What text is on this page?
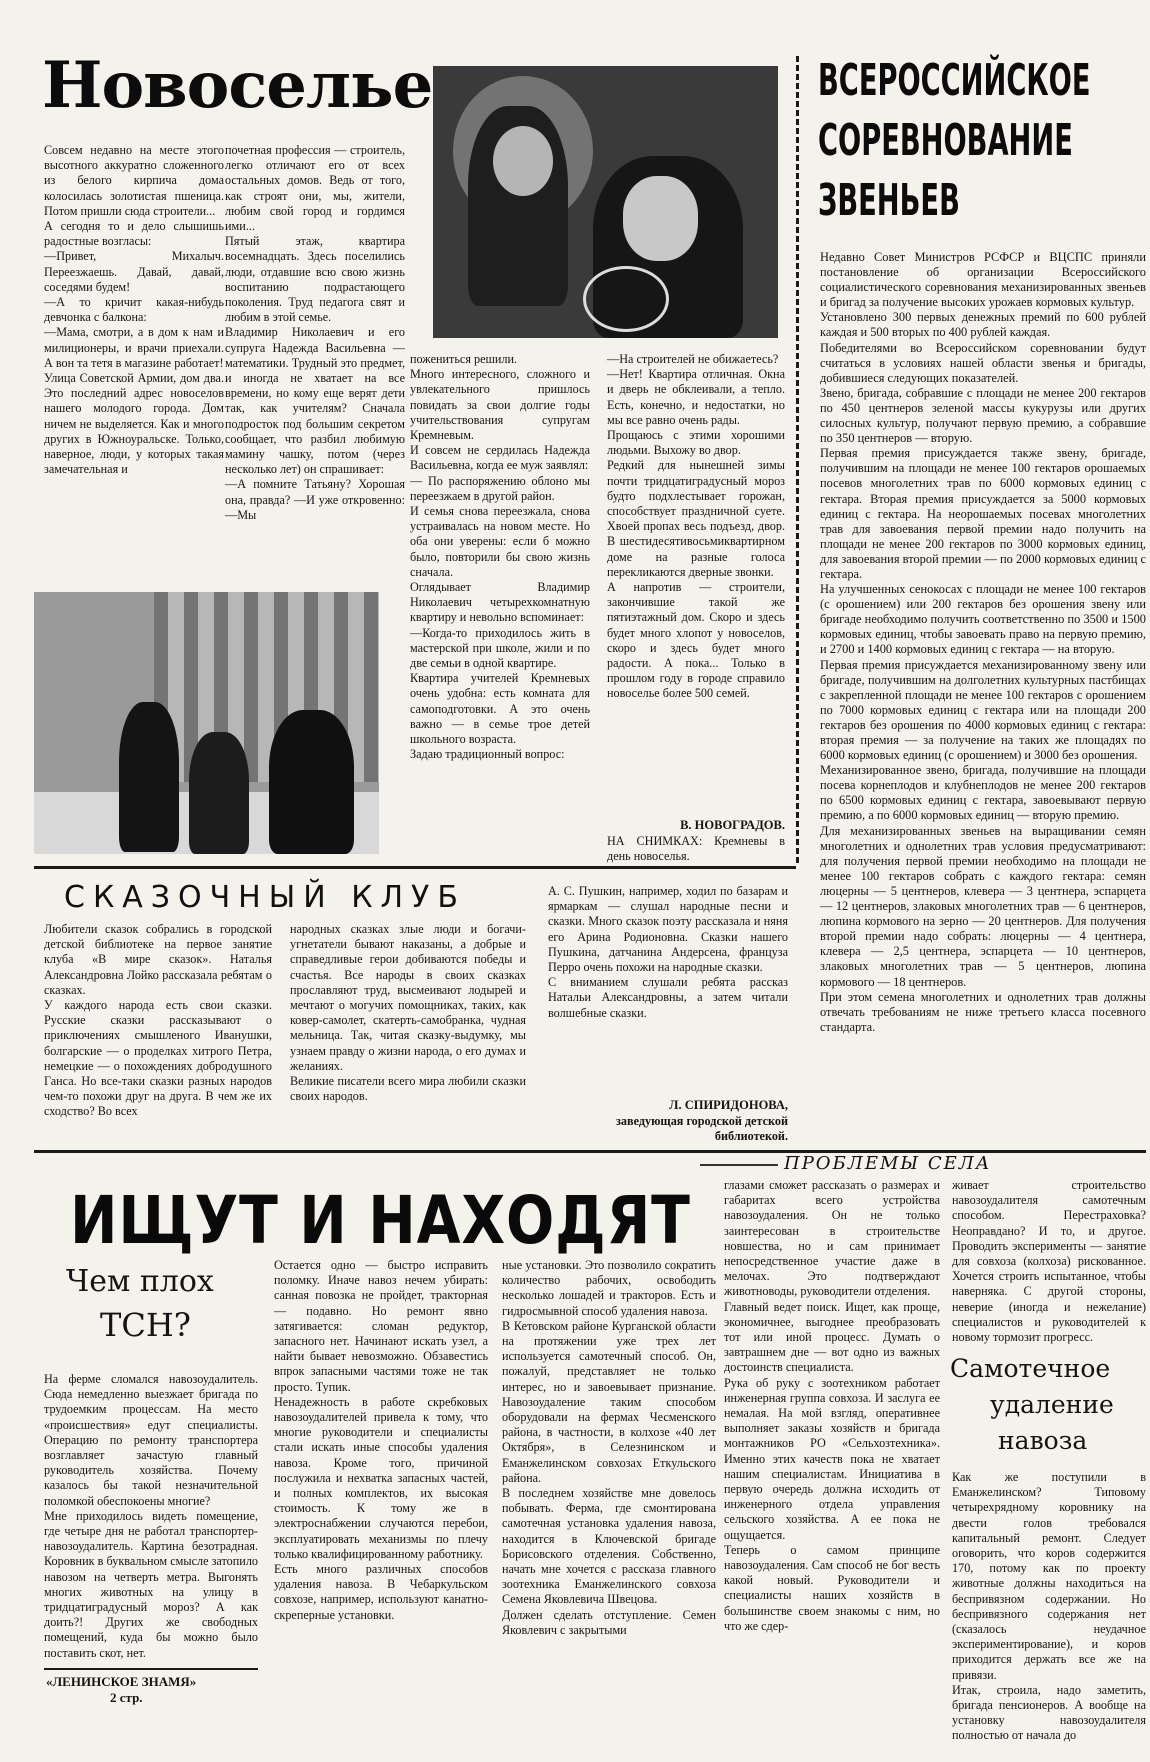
Новоселье
Совсем недавно на месте этого высотного аккуратно сложенного из белого кирпича дома колосилась золотистая пшеница. Потом пришли сюда строители...
А сегодня то и дело слышишь радостные возгласы:
—Привет, Михалыч. Переезжаешь. Давай, давай, соседями будем!
—А то кричит какая-нибудь девчонка с балкона:
—Мама, смотри, а в дом к нам и милиционеры, и врачи приехали. А вон та тетя в магазине работает!
Улица Советской Армии, дом два. Это последний адрес новоселов нашего молодого города. Дом ничем не выделяется. Как и много других в Южноуральске. Только, наверное, люди, у которых такая замечательная и
почетная профессия — строитель, легко отличают его от всех остальных домов. Ведь от того, как строят они, мы, жители, любим свой город и гордимся ими...
Пятый этаж, квартира восемнадцать. Здесь поселились люди, отдавшие всю свою жизнь воспитанию подрастающего поколения. Труд педагога свят и любим в этой семье.
Владимир Николаевич и его супруга Надежда Васильевна — математики. Трудный это предмет, и иногда не хватает на все времени, но кому еще верят дети так, как учителям? Сначала подросток под большим секретом сообщает, что разбил любимую мамину чашку, потом (через несколько лет) он спрашивает:
—А помните Татьяну? Хорошая она, правда? —И уже откровенно: —Мы
пожениться решили.
Много интересного, сложного и увлекательного пришлось повидать за свои долгие годы учительствования супругам Кремневым.
И совсем не сердилась Надежда Васильевна, когда ее муж заявлял:
— По распоряжению облоно мы переезжаем в другой район.
И семья снова переезжала, снова устраивалась на новом месте. Но оба они уверены: если б можно было, повторили бы свою жизнь сначала.
Оглядывает Владимир Николаевич четырехкомнатную квартиру и невольно вспоминает:
—Когда-то приходилось жить в мастерской при школе, жили и по две семьи в одной квартире.
Квартира учителей Кремневых очень удобна: есть комната для самоподготовки. А это очень важно — в семье трое детей школьного возраста.
Задаю традиционный вопрос:
—На строителей не обижаетесь?
—Нет! Квартира отличная. Окна и дверь не обклеивали, а тепло. Есть, конечно, и недостатки, но мы все равно очень рады.
Прощаюсь с этими хорошими людьми. Выхожу во двор.
Редкий для нынешней зимы почти тридцатиградусный мороз будто подхлестывает горожан, способствует праздничной суете. Хвоей пропах весь подъезд, двор. В шестидесятивосьмиквартирном доме на разные голоса перекликаются дверные звонки.
А напротив — строители, закончившие такой же пятиэтажный дом. Скоро и здесь будет много хлопот у новоселов, скоро и здесь будет много радости. А пока... Только в прошлом году в городе справило новоселье более 500 семей.
В. НОВОГРАДОВ.
НА СНИМКАХ: Кремневы в день новоселья.
ВСЕРОССИЙСКОЕ
СОРЕВНОВАНИЕ
ЗВЕНЬЕВ
Недавно Совет Министров РСФСР и ВЦСПС приняли постановление об организации Всероссийского социалистического соревнования механизированных звеньев и бригад за получение высоких урожаев кормовых культур.
Установлено 300 первых денежных премий по 600 рублей каждая и 500 вторых по 400 рублей каждая.
Победителями во Всероссийском соревновании будут считаться в условиях нашей области звенья и бригады, добившиеся следующих показателей.
Звено, бригада, собравшие с площади не менее 200 гектаров по 450 центнеров зеленой массы кукурузы или других силосных культур, получают первую премию, а собравшие по 350 центнеров — вторую.
Первая премия присуждается также звену, бригаде, получившим на площади не менее 100 гектаров орошаемых посевов многолетних трав по 6000 кормовых единиц с гектара. Вторая премия присуждается за 5000 кормовых единиц с гектара. На неорошаемых посевах многолетних трав для завоевания первой премии надо получить на площади не менее 200 гектаров по 3000 кормовых единиц, для завоевания второй премии — по 2000 кормовых единиц с гектара.
На улучшенных сенокосах с площади не менее 100 гектаров (с орошением) или 200 гектаров без орошения звену или бригаде необходимо получить соответственно по 3500 и 1500 кормовых единиц, чтобы завоевать право на первую премию, и 2700 и 1400 кормовых единиц с гектара — на вторую.
Первая премия присуждается механизированному звену или бригаде, получившим на долголетних культурных пастбищах с закрепленной площади не менее 100 гектаров с орошением по 7000 кормовых единиц с гектара или на площади 200 гектаров без орошения по 4000 кормовых единиц с гектара: вторая премия — за получение на таких же площадях по 6000 кормовых единиц (с орошением) и 3000 без орошения.
Механизированное звено, бригада, получившие на площади посева корнеплодов и клубнеплодов не менее 200 гектаров по 6500 кормовых единиц с гектара, завоевывают первую премию, а по 6000 кормовых единиц — вторую премию.
Для механизированных звеньев на выращивании семян многолетних и однолетних трав условия предусматривают: для получения первой премии необходимо на площади не менее 100 гектаров собрать с каждого гектара: семян люцерны — 5 центнеров, клевера — 3 центнера, эспарцета — 12 центнеров, злаковых многолетних трав — 6 центнеров, люпина кормового на зерно — 20 центнеров. Для получения второй премии надо собрать: люцерны — 4 центнера, клевера — 2,5 центнера, эспарцета — 10 центнеров, злаковых многолетних трав — 5 центнеров, люпина кормового — 18 центнеров.
При этом семена многолетних и однолетних трав должны отвечать требованиям не ниже третьего класса посевного стандарта.
СКАЗОЧНЫЙ КЛУБ
Любители сказок собрались в городской детской библиотеке на первое занятие клуба «В мире сказок». Наталья Александровна Лойко рассказала ребятам о сказках.
У каждого народа есть свои сказки. Русские сказки рассказывают о приключениях смышленого Иванушки, болгарские — о проделках хитрого Петра, немецкие — о похождениях добродушного Ганса. Но все-таки сказки разных народов чем-то похожи друг на друга. В чем же их сходство? Во всех
народных сказках злые люди и богачи-угнетатели бывают наказаны, а добрые и справедливые герои добиваются победы и счастья. Все народы в своих сказках прославляют труд, высмеивают лодырей и мечтают о могучих помощниках, таких, как ковер-самолет, скатерть-самобранка, чудная мельница. Так, читая сказку-выдумку, мы узнаем правду о жизни народа, о его думах и желаниях.
Великие писатели всего мира любили сказки своих народов.
А. С. Пушкин, например, ходил по базарам и ярмаркам — слушал народные песни и сказки. Много сказок поэту рассказала и няня его Арина Родионовна. Сказки нашего Пушкина, датчанина Андерсена, француза Перро очень похожи на народные сказки.
С вниманием слушали ребята рассказ Натальи Александровны, а затем читали волшебные сказки.
Л. СПИРИДОНОВА,
заведующая городской детской библиотекой.
ПРОБЛЕМЫ СЕЛА
ИЩУТ И НАХОДЯТ
Чем плох
ТСН?
На ферме сломался навозоудалитель. Сюда немедленно выезжает бригада по трудоемким процессам. На место «происшествия» едут специалисты. Операцию по ремонту транспортера возглавляет зачастую главный руководитель хозяйства. Почему казалось бы такой незначительной поломкой обеспокоены многие?
Мне приходилось видеть помещение, где четыре дня не работал транспортер-навозоудалитель. Картина безотрадная. Коровник в буквальном смысле затопило навозом на четверть метра. Выгонять многих животных на улицу в тридцатиградусный мороз? А как доить?! Других же свободных помещений, куда бы можно было поставить скот, нет.
Остается одно — быстро исправить поломку. Иначе навоз нечем убирать: санная повозка не пройдет, тракторная — подавно. Но ремонт явно затягивается: сломан редуктор, запасного нет. Начинают искать узел, а найти бывает невозможно. Обзавестись впрок запасными частями тоже не так просто. Тупик.
Ненадежность в работе скребковых навозоудалителей привела к тому, что многие руководители и специалисты стали искать иные способы удаления навоза. Кроме того, причиной послужила и нехватка запасных частей, и полных комплектов, их высокая стоимость. К тому же в электроснабжении случаются перебои, эксплуатировать механизмы по плечу только квалифицированному работнику.
Есть много различных способов удаления навоза. В Чебаркульском совхозе, например, используют канатно-скреперные установки.
ные установки. Это позволило сократить количество рабочих, освободить несколько лошадей и тракторов. Есть и гидросмывной способ удаления навоза.
В Кетовском районе Курганской области на протяжении уже трех лет используется самотечный способ. Он, пожалуй, представляет не только интерес, но и завоевывает признание. Навозоудаление таким способом оборудовали на фермах Чесменского района, в частности, в колхозе «40 лет Октября», в Селезнинском и Еманжелинском совхозах Еткульского района.
В последнем хозяйстве мне довелось побывать. Ферма, где смонтирована самотечная установка удаления навоза, находится в Ключевской бригаде Борисовского отделения. Собственно, начать мне хочется с рассказа главного зоотехника Еманжелинского совхоза Семена Яковлевича Швецова.
Должен сделать отступление. Семен Яковлевич с закрытыми
глазами сможет рассказать о размерах и габаритах всего устройства навозоудаления. Он не только заинтересован в строительстве новшества, но и сам принимает непосредственное участие даже в мелочах. Это подтверждают животноводы, руководители отделения.
Главный ведет поиск. Ищет, как проще, экономичнее, выгоднее преобразовать тот или иной процесс. Думать о завтрашнем дне — вот одно из важных достоинств специалиста.
Рука об руку с зоотехником работает инженерная группа совхоза. И заслуга ее немалая. На мой взгляд, оперативнее выполняет заказы хозяйств и бригада монтажников РО «Сельхозтехника». Именно этих качеств пока не хватает нашим специалистам. Инициатива в первую очередь должна исходить от инженерного отдела управления сельского хозяйства. А ее пока не ощущается.
Теперь о самом принципе навозоудаления. Сам способ не бог весть какой новый. Руководители и специалисты наших хозяйств в большинстве своем знакомы с ним, но что же сдер-
живает строительство навозоудалителя самотечным способом. Перестраховка? Неоправдано? И то, и другое. Проводить эксперименты — занятие для совхоза (колхоза) рискованное. Хочется строить испытанное, чтобы наверняка. С другой стороны, неверие (иногда и нежелание) специалистов и руководителей к новому тормозит прогресс.
Самотечное
удаление
навоза
Как же поступили в Еманжелинском? Типовому четырехрядному коровнику на двести голов требовался капитальный ремонт. Следует оговорить, что коров содержится 170, потому как по проекту животные должны находиться на беспривязном содержании. Но беспривязного содержания нет (сказалось неудачное экспериментирование), и коров приходится держать все же на привязи.
Итак, строила, надо заметить, бригада пенсионеров. А вообще на установку навозоудалителя полностью от начала до
«ЛЕНИНСКОЕ ЗНАМЯ»
2 стр.
